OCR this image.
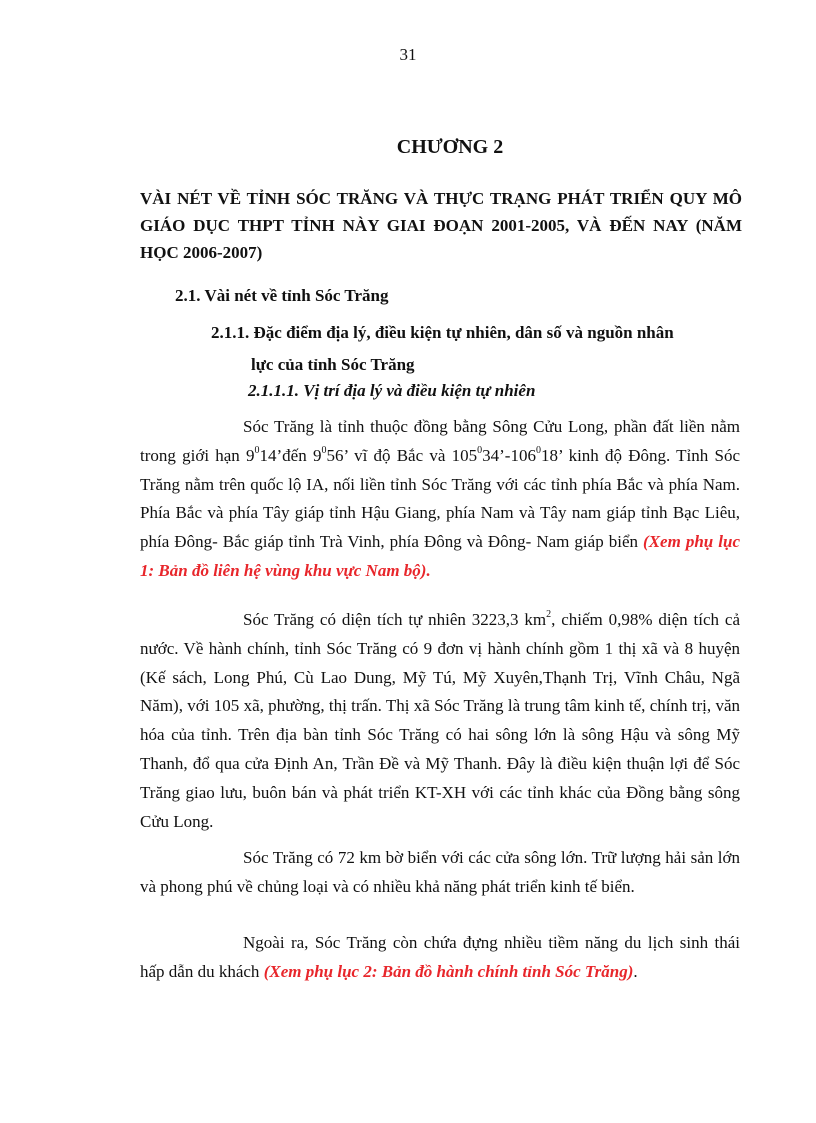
31
CHƯƠNG 2
VÀI NÉT VỀ TỈNH SÓC TRĂNG VÀ THỰC TRẠNG PHÁT TRIỂN QUY MÔ GIÁO DỤC THPT TỈNH NÀY GIAI ĐOẠN 2001-2005, VÀ ĐẾN NAY (NĂM HỌC 2006-2007)
2.1. Vài nét về tỉnh Sóc Trăng
2.1.1. Đặc điểm địa lý, điều kiện tự nhiên, dân số và nguồn nhân
lực của tỉnh Sóc Trăng
2.1.1.1. Vị trí địa lý và điều kiện tự nhiên
Sóc Trăng là tỉnh thuộc đồng bằng Sông Cửu Long, phần đất liền nằm trong giới hạn $9^014’đến$ $9^056$’ vĩ độ Bắc và $105^034’-106^018$’ kinh độ Đông. Tỉnh Sóc Trăng nằm trên quốc lộ IA, nối liền tỉnh Sóc Trăng với các tỉnh phía Bắc và phía Nam. Phía Bắc và phía Tây giáp tỉnh Hậu Giang, phía Nam và Tây nam giáp tỉnh Bạc Liêu, phía Đông- Bắc giáp tỉnh Trà Vinh, phía Đông và Đông- Nam giáp biển (Xem phụ lục 1: Bản đồ liên hệ vùng khu vực Nam bộ).
Sóc Trăng có diện tích tự nhiên 3223,3 $km^2$, chiếm 0,98% diện tích cả nước. Về hành chính, tỉnh Sóc Trăng có 9 đơn vị hành chính gồm 1 thị xã và 8 huyện (Kế sách, Long Phú, Cù Lao Dung, Mỹ Tú, Mỹ Xuyên,Thạnh Trị, Vĩnh Châu, Ngã Năm), với 105 xã, phường, thị trấn. Thị xã Sóc Trăng là trung tâm kinh tế, chính trị, văn hóa của tỉnh. Trên địa bàn tỉnh Sóc Trăng có hai sông lớn là sông Hậu và sông Mỹ Thanh, đổ qua cửa Định An, Trần Đề và Mỹ Thanh. Đây là điều kiện thuận lợi để Sóc Trăng giao lưu, buôn bán và phát triển KT-XH với các tỉnh khác của Đồng bằng sông Cửu Long.
Sóc Trăng có 72 km bờ biển với các cửa sông lớn. Trữ lượng hải sản lớn và phong phú về chủng loại và có nhiều khả năng phát triển kinh tế biển.
Ngoài ra, Sóc Trăng còn chứa đựng nhiều tiềm năng du lịch sinh thái hấp dẫn du khách (Xem phụ lục 2: Bản đồ hành chính tỉnh Sóc Trăng).
